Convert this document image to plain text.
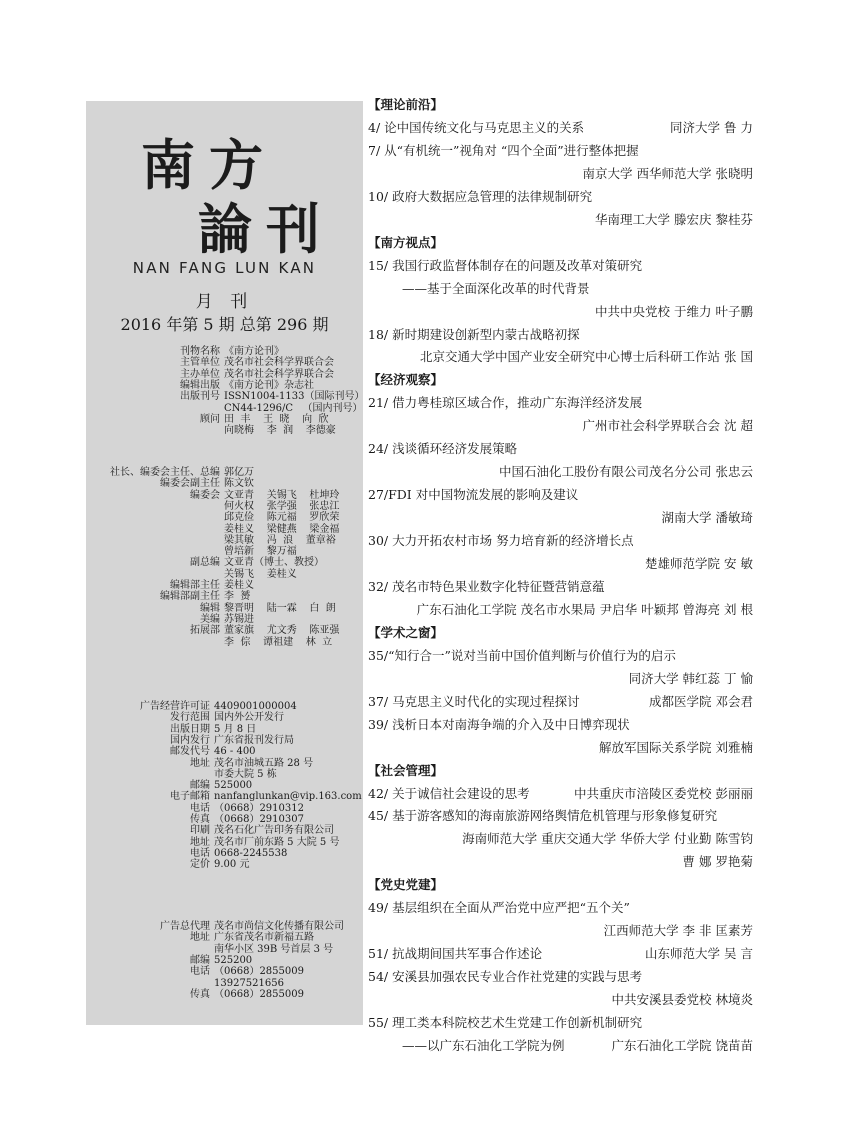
南方
論刊
NAN FANG LUN KAN
月 刊
2016 年第 5 期 总第 296 期
刊物名称 《南方论刊》
主管单位 茂名市社会科学界联合会
主办单位 茂名市社会科学界联合会
编辑出版 《南方论刊》杂志社
出版刊号 ISSN1004-1133（国际刊号）
CN44-1296/C   （国内刊号）
顾问 田  丰    王  晓    向  欣
向晓梅    李  润    李德豪
社长、编委会主任、总编 郭亿万
编委会副主任 陈文钦
编委会 文亚青    关锡飞    杜坤玲
何火权    张学强    张忠江
邱克俭    陈元福    罗欣荣
姜桂义    梁健燕    梁金福
梁其敏    冯  浪    董章裕
曾培新    黎万福
副总编 文亚青（博士、教授）
关锡飞    姜桂义
编辑部主任 姜桂义
编辑部副主任 李  赟
编辑 黎晋明    陆一霖    白  朗
美编 苏锡进
拓展部 董家旗    尤文秀    陈亚强
李  倧    谭祖建    林  立
广告经营许可证 4409001000004
发行范围 国内外公开发行
出版日期 5 月 8 日
国内发行 广东省报刊发行局
邮发代号 46 - 400
地址 茂名市油城五路 28 号
市委大院 5 栋
邮编 525000
电子邮箱 nanfanglunkan@vip.163.com
电话 （0668）2910312
传真 （0668）2910307
印刷 茂名石化广告印务有限公司
地址 茂名市厂前东路 5 大院 5 号
电话 0668-2245538
定价 9.00 元
广告总代理 茂名市尚信文化传播有限公司
地址 广东省茂名市新福五路
南华小区 39B 号首层 3 号
邮编 525200
电话 （0668）2855009
13927521656
传真 （0668）2855009
【理论前沿】
4/ 论中国传统文化与马克思主义的关系	同济大学 鲁 力
7/ 从“有机统一”视角对 “四个全面”进行整体把握
南京大学 西华师范大学 张晓明
10/ 政府大数据应急管理的法律规制研究
华南理工大学 滕宏庆 黎桂芬
【南方视点】
15/ 我国行政监督体制存在的问题及改革对策研究
——基于全面深化改革的时代背景
中共中央党校 于维力 叶子鹏
18/ 新时期建设创新型内蒙古战略初探
北京交通大学中国产业安全研究中心博士后科研工作站 张 国
【经济观察】
21/ 借力粤桂琼区域合作，推动广东海洋经济发展
广州市社会科学界联合会 沈 超
24/ 浅谈循环经济发展策略
中国石油化工股份有限公司茂名分公司 张忠云
27/FDI 对中国物流发展的影响及建议
湖南大学 潘敏琦
30/ 大力开拓农村市场 努力培育新的经济增长点
楚雄师范学院 安 敏
32/ 茂名市特色果业数字化特征暨营销意蕴
广东石油化工学院 茂名市水果局 尹启华 叶颖邦 曾海亮 刘 根
【学术之窗】
35/“知行合一”说对当前中国价值判断与价值行为的启示
同济大学 韩红蕊 丁 愉
37/ 马克思主义时代化的实现过程探讨	成都医学院 邓会君
39/ 浅析日本对南海争端的介入及中日博弈现状
解放军国际关系学院 刘雅楠
【社会管理】
42/ 关于诚信社会建设的思考	中共重庆市涪陵区委党校 彭丽丽
45/ 基于游客感知的海南旅游网络舆情危机管理与形象修复研究
海南师范大学 重庆交通大学 华侨大学 付业勤 陈雪钧
曹 娜 罗艳菊
【党史党建】
49/ 基层组织在全面从严治党中应严把“五个关”
江西师范大学 李 非 匡素芳
51/ 抗战期间国共军事合作述论	山东师范大学 吴 言
54/ 安溪县加强农民专业合作社党建的实践与思考
中共安溪县委党校 林境炎
55/ 理工类本科院校艺术生党建工作创新机制研究
——以广东石油化工学院为例	广东石油化工学院 饶苗苗
